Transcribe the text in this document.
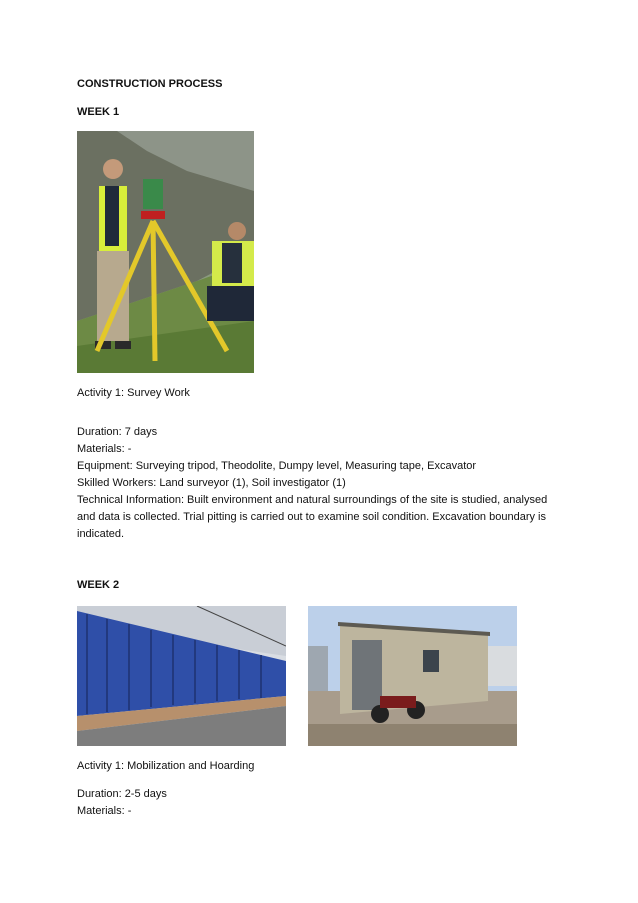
CONSTRUCTION PROCESS
WEEK 1
Activity 1: Survey Work
Duration: 7 days
Materials: -
Equipment: Surveying tripod, Theodolite, Dumpy level, Measuring tape, Excavator
Skilled Workers: Land surveyor (1), Soil investigator (1)
Technical Information: Built environment and natural surroundings of the site is studied, analysed
and data is collected. Trial pitting is carried out to examine soil condition. Excavation boundary is
indicated.
WEEK 2
Activity 1: Mobilization and Hoarding
Duration: 2-5 days
Materials: -
